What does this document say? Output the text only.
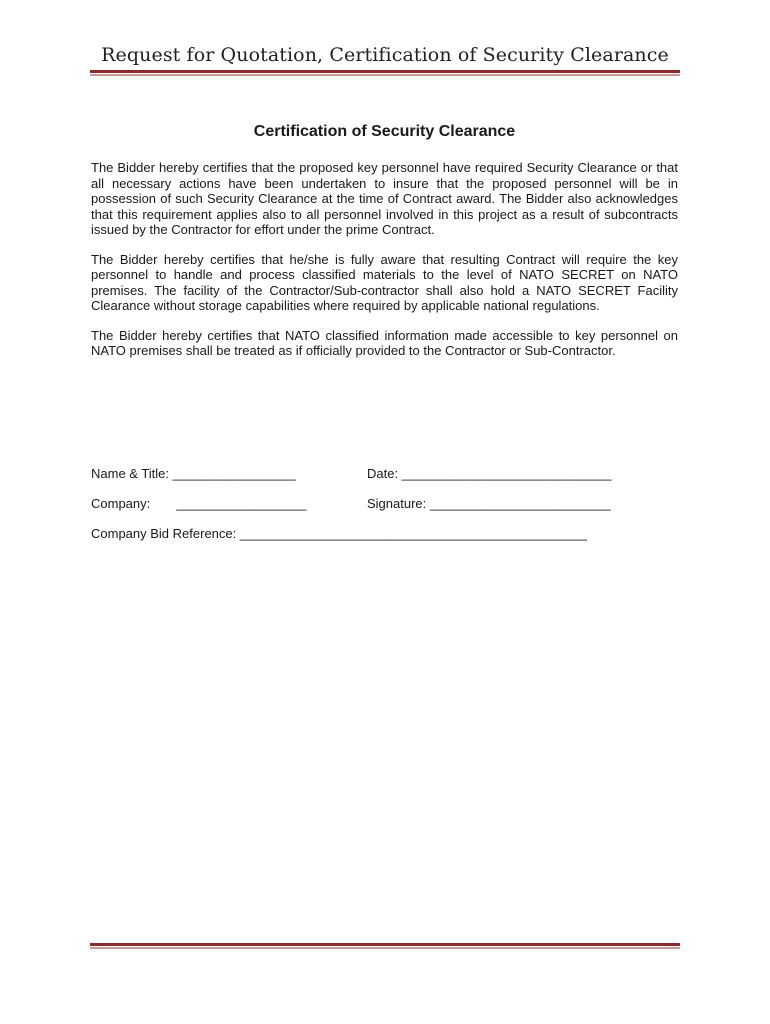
Request for Quotation, Certification of Security Clearance
Certification of Security Clearance

The Bidder hereby certifies that the proposed key personnel have required Security Clearance or that all necessary actions have been undertaken to insure that the proposed personnel will be in possession of such Security Clearance at the time of Contract award. The Bidder also acknowledges that this requirement applies also to all personnel involved in this project as a result of subcontracts issued by the Contractor for effort under the prime Contract.

The Bidder hereby certifies that he/she is fully aware that resulting Contract will require the key personnel to handle and process classified materials to the level of NATO SECRET on NATO premises. The facility of the Contractor/Sub-contractor shall also hold a NATO SECRET Facility Clearance without storage capabilities where required by applicable national regulations.

The Bidder hereby certifies that NATO classified information made accessible to key personnel on NATO premises shall be treated as if officially provided to the Contractor or Sub-Contractor.

Name & Title: _________________	Date: _____________________________
Company: __________________	Signature: _________________________
Company Bid Reference: ________________________________________________
